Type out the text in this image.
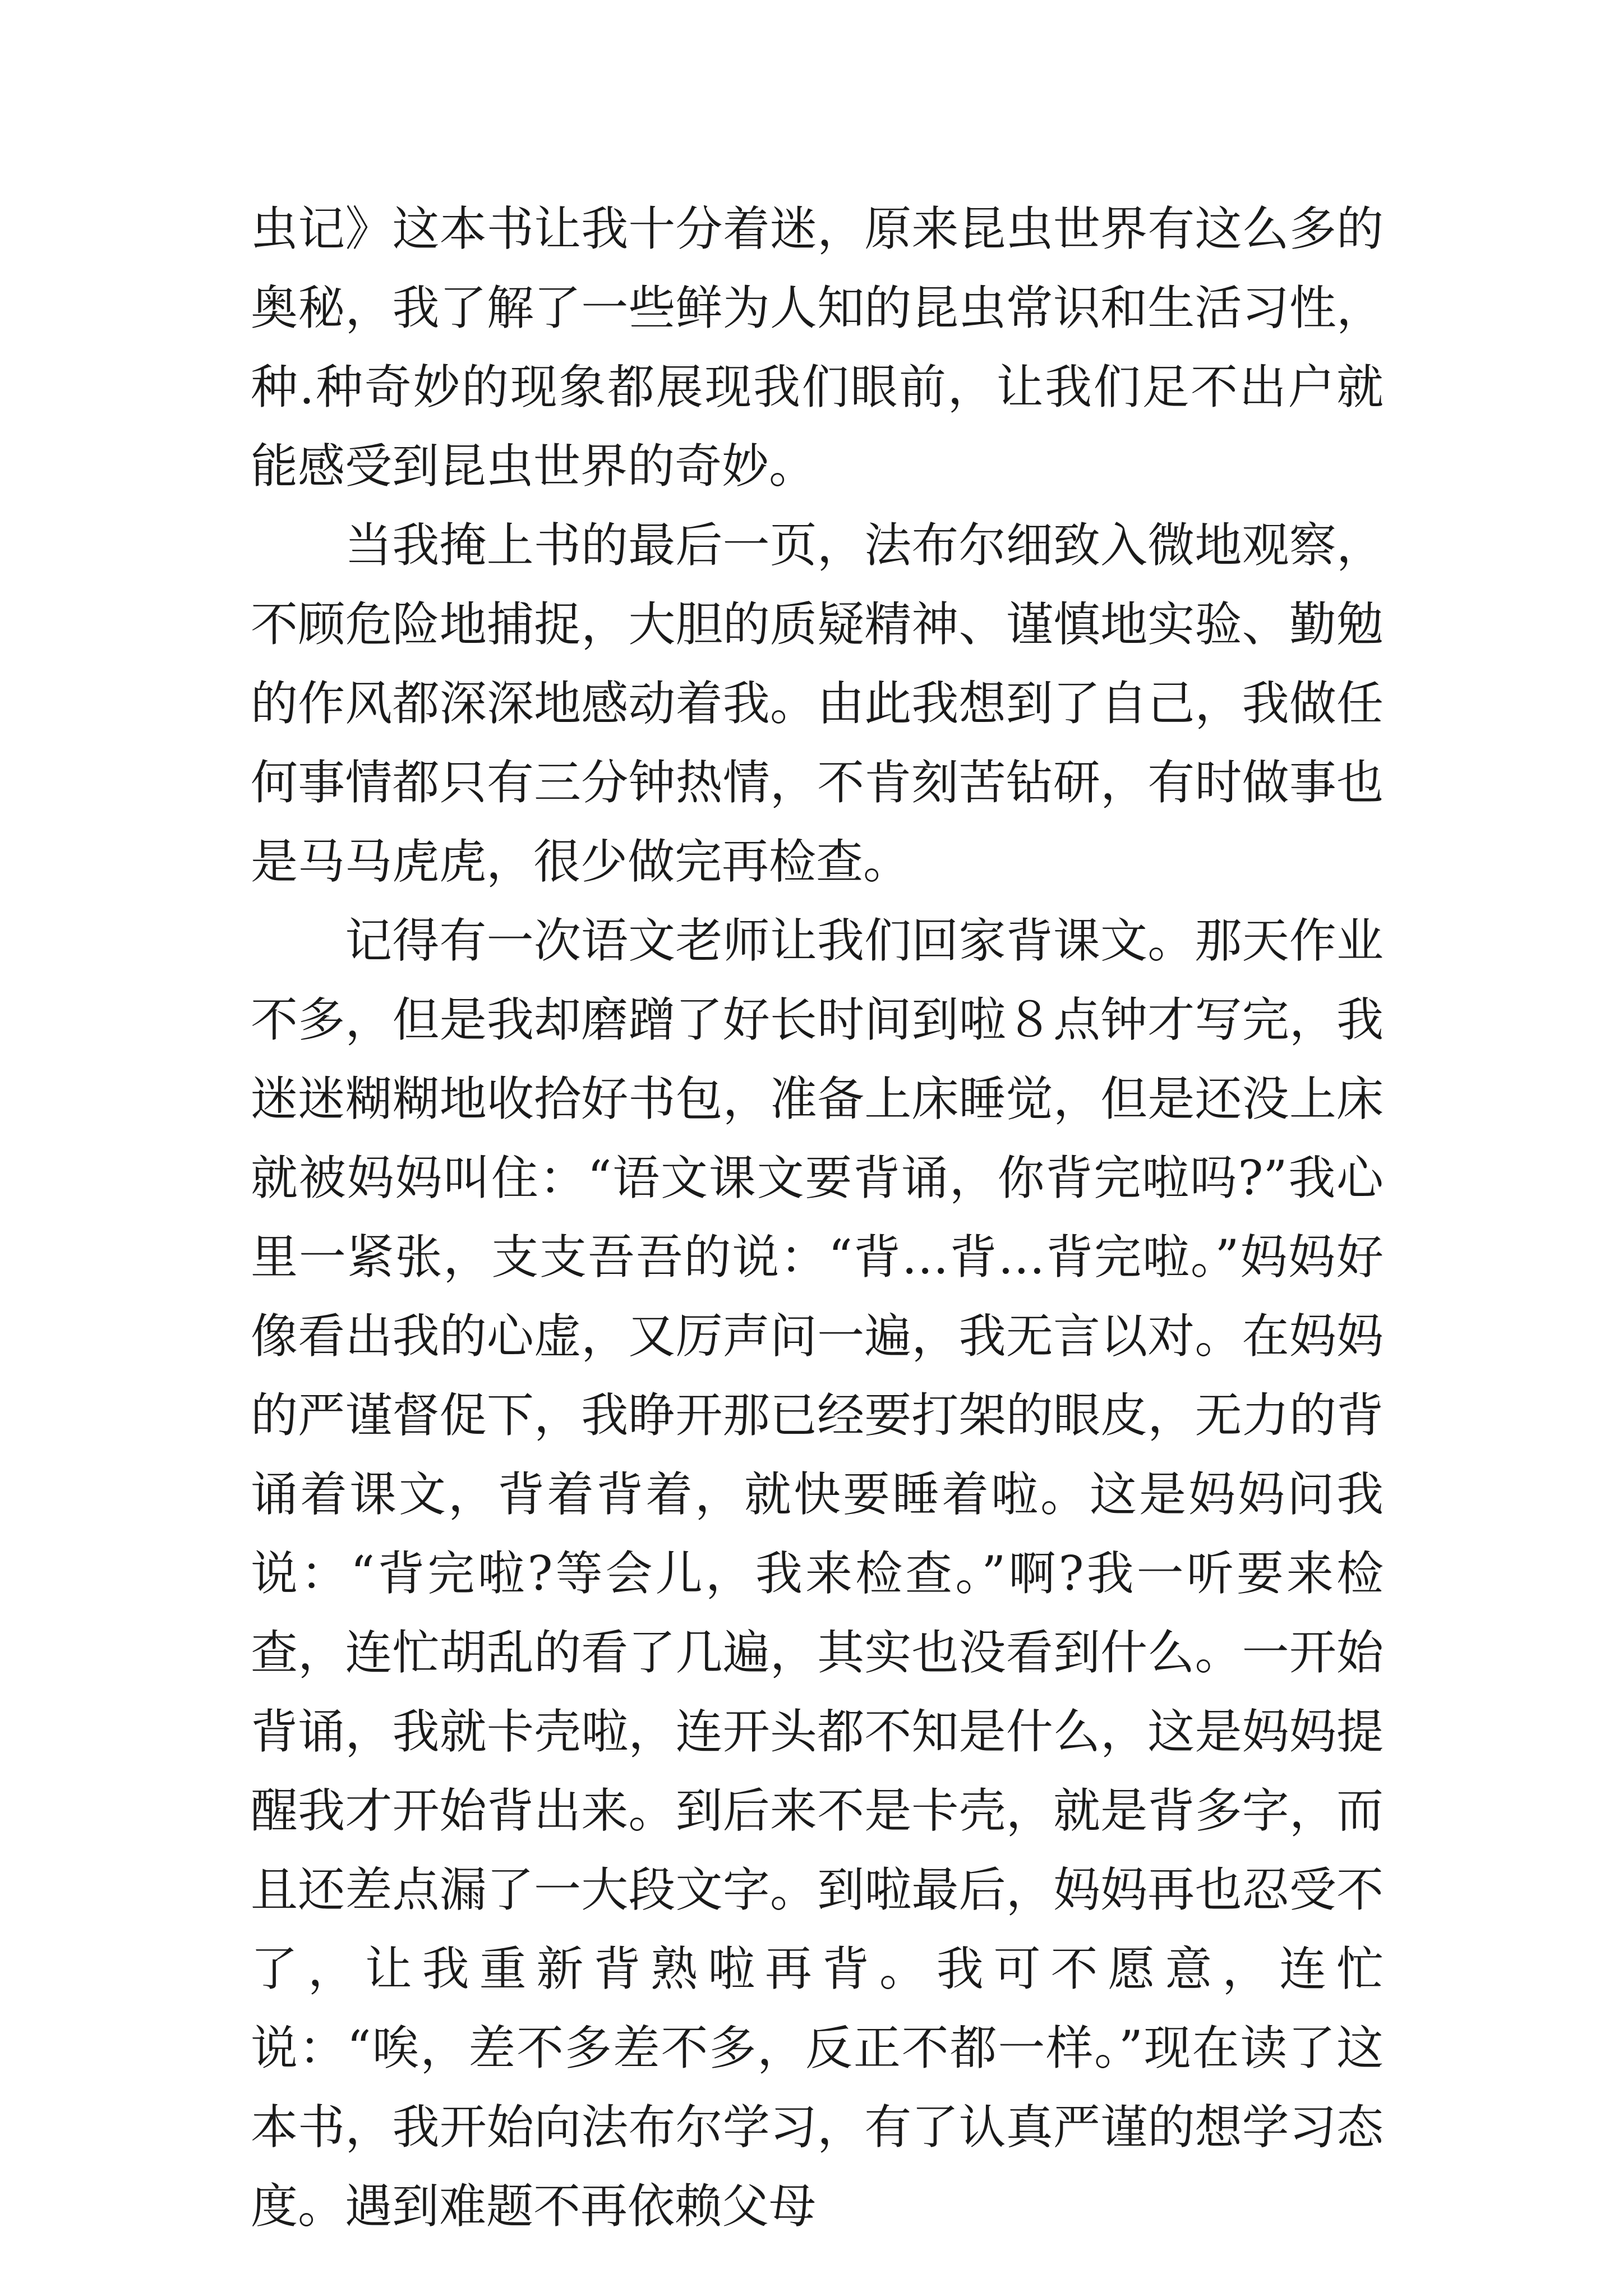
虫记》这本书让我十分着迷，原来昆虫世界有这么多的奥秘，我了解了一些鲜为人知的昆虫常识和生活习性，种.种奇妙的现象都展现我们眼前，让我们足不出户就能感受到昆虫世界的奇妙。

当我掩上书的最后一页，法布尔细致入微地观察，不顾危险地捕捉，大胆的质疑精神、谨慎地实验、勤勉的作风都深深地感动着我。由此我想到了自己，我做任何事情都只有三分钟热情，不肯刻苦钻研，有时做事也是马马虎虎，很少做完再检查。

记得有一次语文老师让我们回家背课文。那天作业不多，但是我却磨蹭了好长时间到啦８点钟才写完，我迷迷糊糊地收拾好书包，准备上床睡觉，但是还没上床就被妈妈叫住：“语文课文要背诵，你背完啦吗?”我心里一紧张，支支吾吾的说：“背…背…背完啦。”妈妈好像看出我的心虚，又厉声问一遍，我无言以对。在妈妈的严谨督促下，我睁开那已经要打架的眼皮，无力的背诵着课文，背着背着，就快要睡着啦。这是妈妈问我说：“背完啦?等会儿，我来检查。”啊?我一听要来检查，连忙胡乱的看了几遍，其实也没看到什么。一开始背诵，我就卡壳啦，连开头都不知是什么，这是妈妈提醒我才开始背出来。到后来不是卡壳，就是背多字，而且还差点漏了一大段文字。到啦最后，妈妈再也忍受不了，让我重新背熟啦再背。我可不愿意，连忙说：“唉，差不多差不多，反正不都一样。”现在读了这本书，我开始向法布尔学习，有了认真严谨的想学习态度。遇到难题不再依赖父母
